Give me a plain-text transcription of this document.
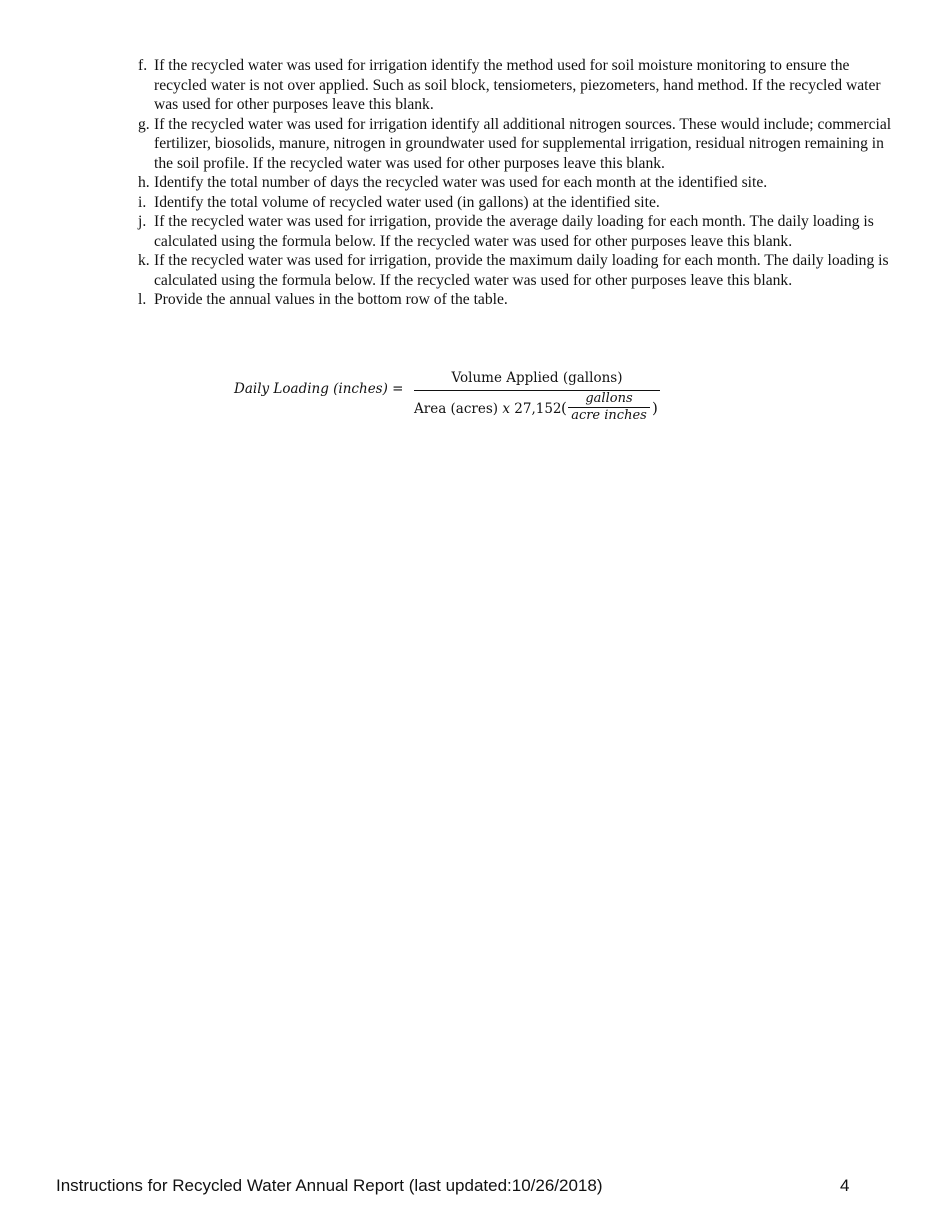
f. If the recycled water was used for irrigation identify the method used for soil moisture monitoring to ensure the recycled water is not over applied. Such as soil block, tensiometers, piezometers, hand method. If the recycled water was used for other purposes leave this blank.
g. If the recycled water was used for irrigation identify all additional nitrogen sources. These would include; commercial fertilizer, biosolids, manure, nitrogen in groundwater used for supplemental irrigation, residual nitrogen remaining in the soil profile. If the recycled water was used for other purposes leave this blank.
h. Identify the total number of days the recycled water was used for each month at the identified site.
i. Identify the total volume of recycled water used (in gallons) at the identified site.
j. If the recycled water was used for irrigation, provide the average daily loading for each month. The daily loading is calculated using the formula below. If the recycled water was used for other purposes leave this blank.
k. If the recycled water was used for irrigation, provide the maximum daily loading for each month. The daily loading is calculated using the formula below. If the recycled water was used for other purposes leave this blank.
l. Provide the annual values in the bottom row of the table.
Daily Loading (inches) =
Volume Applied (gallons)
Area (acres) x 27,152 (
gallons
acre inches )
Instructions for Recycled Water Annual Report (last updated:10/26/2018)	4
